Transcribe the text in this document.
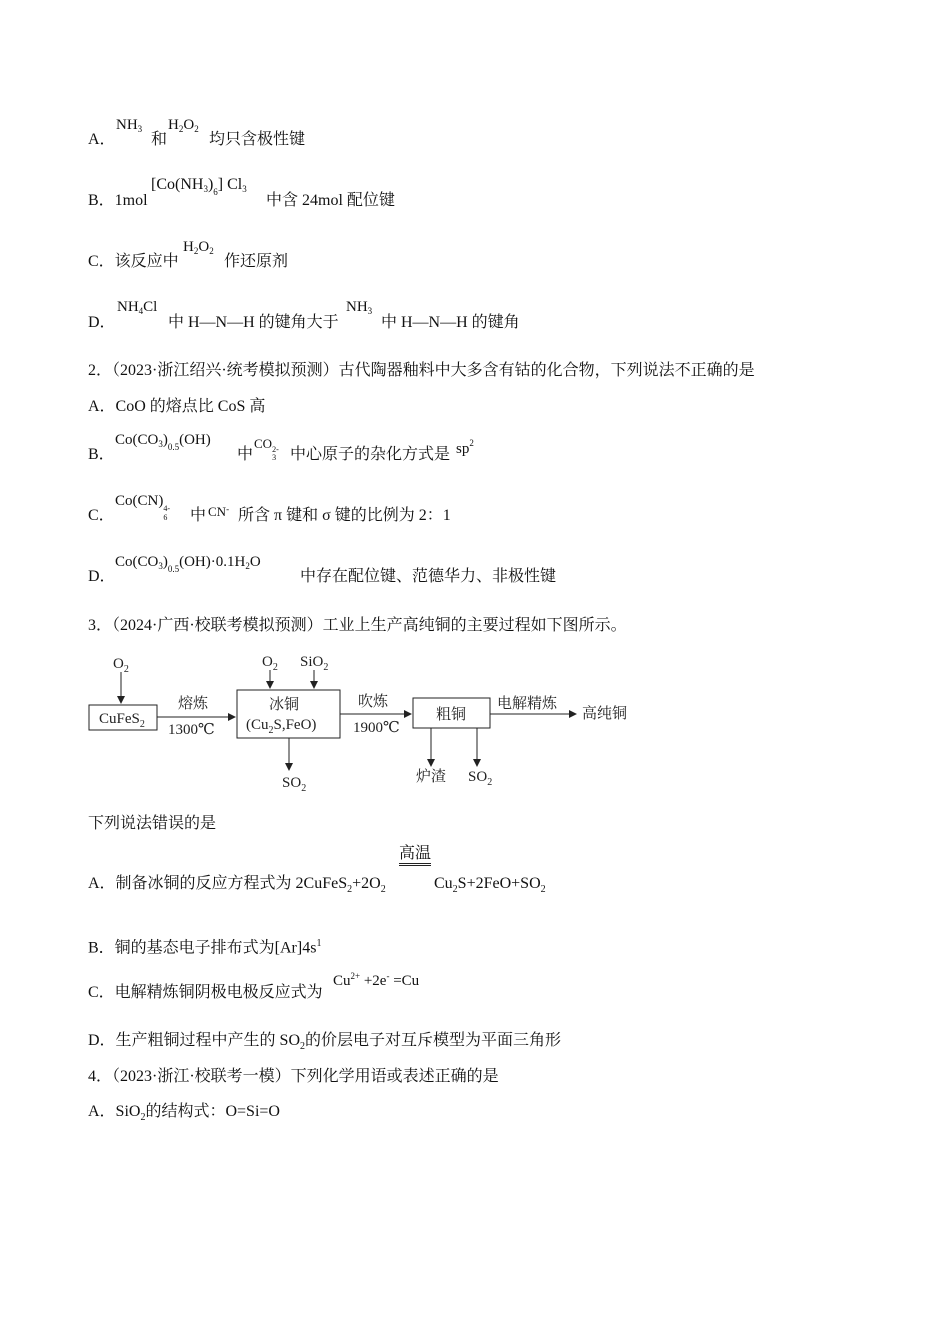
A．
$NH_3$
和
$H_2O_2$
均只含极性键
B．1mol
$[Co(NH3)_6]$ Cl3
中含 24mol 配位键
C．该反应中
$H_2O_2$
作还原剂
D．
$NH_4Cl$
中 H—N—H 的键角大于
$NH_3$
中 H—N—H 的键角
2．（2023·浙江绍兴·统考模拟预测）古代陶器釉料中大多含有钴的化合物，下列说法不正确的是
A．CoO 的熔点比 CoS 高
B．
$Co(CO_3)_{0.5}(OH)$
中
CO 2-
3 中心原子的杂化方式是 $sp^2$
C．
Co(CN) 4-
6 中 CN- 所含 π 键和 σ 键的比例为 2：1
D．
$Co(CO_3)_{0.5}(OH)\cdot 0.1H_2O$
中存在配位键、范德华力、非极性键
3．（2024·广西·校联考模拟预测）工业上生产高纯铜的主要过程如下图所示。
$O_2$
CuFeS$_2$
熔炼
1300℃
$O_2$ SiO$_2$
冰铜
$(Cu_2S,FeO)$
$SO_2$
吹炼
1900℃
粗铜
电解精炼
高纯铜
炉渣 $SO_2$
下列说法错误的是
高温
A．制备冰铜的反应方程式为 $2CuFeS_2+2O_2$	$Cu_2S+2FeO+SO_2$
B．铜的基态电子排布式为$[Ar]4s^1$
C．电解精炼铜阴极电极反应式为
$Cu^{2+} +2e^- =Cu$
D．生产粗铜过程中产生的 $SO_2$的价层电子对互斥模型为平面三角形
4．（2023·浙江·校联考一模）下列化学用语或表述正确的是
A．SiO$_2$的结构式：O=Si=O
